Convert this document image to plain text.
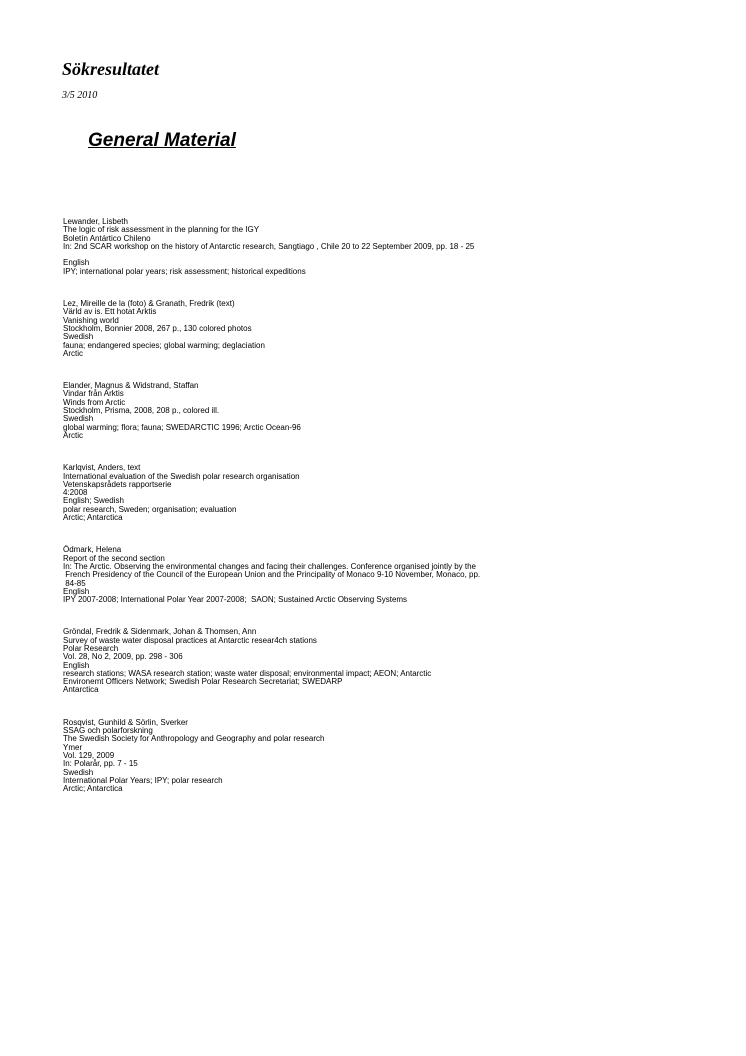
Sökresultatet
3/5 2010
General Material
Lewander, Lisbeth
The logic of risk assessment in the planning for the IGY
Boletín Antártico Chileno
In: 2nd SCAR workshop on the history of Antarctic research, Sangtiago , Chile 20 to 22 September 2009, pp. 18 - 25
English
IPY; international polar years; risk assessment; historical expeditions
Lez, Mireille de la (foto) & Granath, Fredrik (text)
Värld av is. Ett hotat Arktis
Vanishing world
Stockholm, Bonnier 2008, 267 p., 130 colored photos
Swedish
fauna; endangered species; global warming; deglaciation
Arctic
Elander, Magnus & Widstrand, Staffan
Vindar från Arktis
Winds from Arctic
Stockholm, Prisma, 2008, 208 p., colored ill.
Swedish
global warming; flora; fauna; SWEDARCTIC 1996; Arctic Ocean-96
Arctic
Karlqvist, Anders, text
International evaluation of the Swedish polar research organisation
Vetenskapsrådets rapportserie
4:2008
English; Swedish
polar research, Sweden; organisation; evaluation
Arctic; Antarctica
Ödmark, Helena
Report of the second section
In: The Arctic. Observing the environmental changes and facing their challenges. Conference organised jointly by the
French Presidency of the Council of the European Union and the Principality of Monaco 9-10 November, Monaco, pp.
84-85
English
IPY 2007-2008; International Polar Year 2007-2008;  SAON; Sustained Arctic Observing Systems
Gröndal, Fredrik & Sidenmark, Johan & Thomsen, Ann
Survey of waste water disposal practices at Antarctic resear4ch stations
Polar Research
Vol. 28, No 2, 2009, pp. 298 - 306
English
research stations; WASA research station; waste water disposal; environmental impact; AEON; Antarctic
Environemt Officers Network; Swedish Polar Research Secretariat; SWEDARP
Antarctica
Rosqvist, Gunhild & Sörlin, Sverker
SSAG och polarforskning
The Swedish Society for Anthropology and Geography and polar research
Ymer
Vol. 129, 2009
In: Polarår, pp. 7 - 15
Swedish
International Polar Years; IPY; polar research
Arctic; Antarctica
